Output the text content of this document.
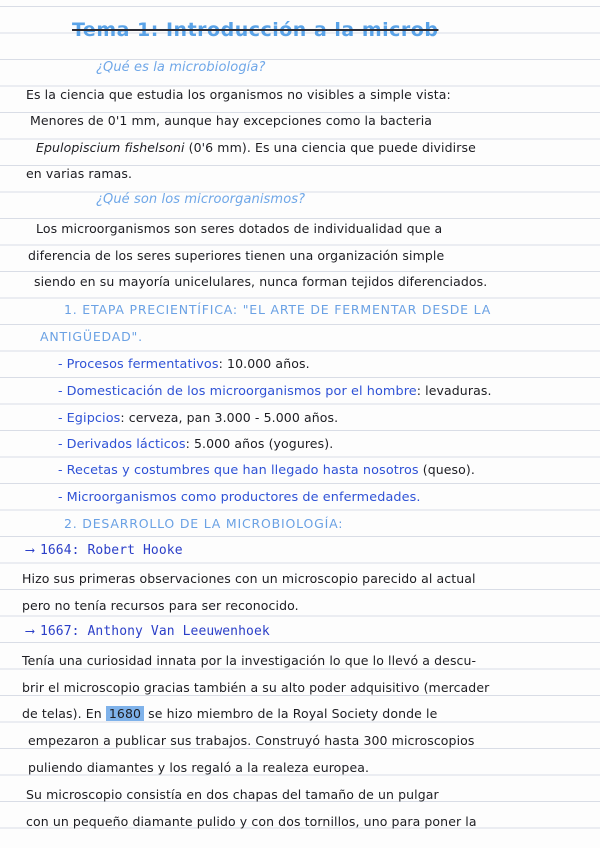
Tema 1: Introducción a la microb
¿Qué es la microbiología?
Es la ciencia que estudia los organismos no visibles a simple vista:
Menores de 0'1 mm, aunque hay excepciones como la bacteria
Epulopiscium fishelsoni (0'6 mm). Es una ciencia que puede dividirse
en varias ramas.
¿Qué son los microorganismos?
Los microorganismos son seres dotados de individualidad que a
diferencia de los seres superiores tienen una organización simple
siendo en su mayoría unicelulares, nunca forman tejidos diferenciados.
1. ETAPA PRECIENTÍFICA: "EL ARTE DE FERMENTAR DESDE LA
ANTIGÜEDAD".
- Procesos fermentativos: 10.000 años.
- Domesticación de los microorganismos por el hombre: levaduras.
- Egipcios: cerveza, pan 3.000 - 5.000 años.
- Derivados lácticos: 5.000 años (yogures).
- Recetas y costumbres que han llegado hasta nosotros (queso).
- Microorganismos como productores de enfermedades.
2. DESARROLLO DE LA MICROBIOLOGÍA:
⟶ 1664: Robert Hooke
Hizo sus primeras observaciones con un microscopio parecido al actual
pero no tenía recursos para ser reconocido.
⟶ 1667: Anthony Van Leeuwenhoek
Tenía una curiosidad innata por la investigación lo que lo llevó a descu-
brir el microscopio gracias también a su alto poder adquisitivo (mercader
de telas). En 1680 se hizo miembro de la Royal Society donde le
empezaron a publicar sus trabajos. Construyó hasta 300 microscopios
puliendo diamantes y los regaló a la realeza europea.
Su microscopio consistía en dos chapas del tamaño de un pulgar
con un pequeño diamante pulido y con dos tornillos, uno para poner la
